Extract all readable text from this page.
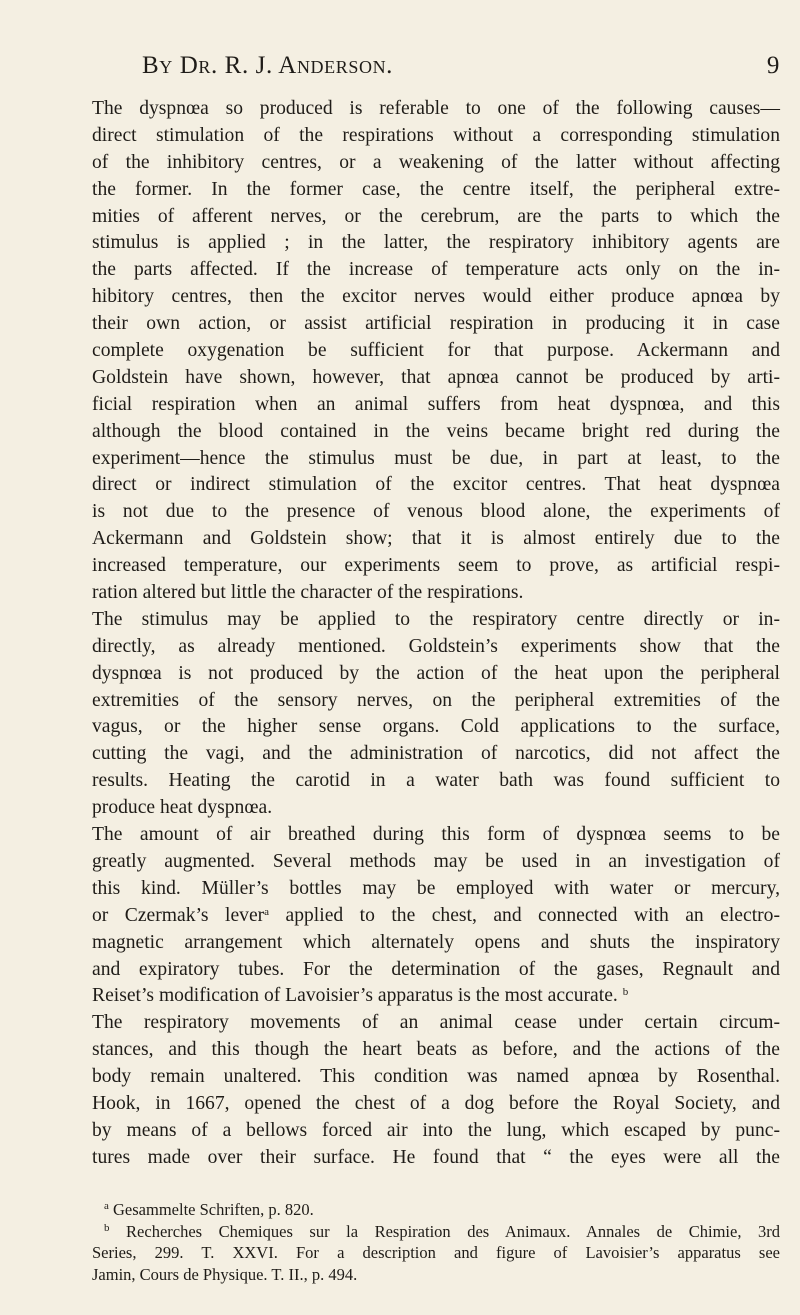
By Dr. R. J. Anderson.	9
The dyspnœa so produced is referable to one of the following causes—
direct stimulation of the respirations without a corresponding stimulation
of the inhibitory centres, or a weakening of the latter without affecting
the former. In the former case, the centre itself, the peripheral extre-
mities of afferent nerves, or the cerebrum, are the parts to which the
stimulus is applied ; in the latter, the respiratory inhibitory agents are
the parts affected. If the increase of temperature acts only on the in-
hibitory centres, then the excitor nerves would either produce apnœa by
their own action, or assist artificial respiration in producing it in case
complete oxygenation be sufficient for that purpose. Ackermann and
Goldstein have shown, however, that apnœa cannot be produced by arti-
ficial respiration when an animal suffers from heat dyspnœa, and this
although the blood contained in the veins became bright red during the
experiment—hence the stimulus must be due, in part at least, to the
direct or indirect stimulation of the excitor centres. That heat dyspnœa
is not due to the presence of venous blood alone, the experiments of
Ackermann and Goldstein show; that it is almost entirely due to the
increased temperature, our experiments seem to prove, as artificial respi-
ration altered but little the character of the respirations.
The stimulus may be applied to the respiratory centre directly or in-
directly, as already mentioned. Goldstein’s experiments show that the
dyspnœa is not produced by the action of the heat upon the peripheral
extremities of the sensory nerves, on the peripheral extremities of the
vagus, or the higher sense organs. Cold applications to the surface,
cutting the vagi, and the administration of narcotics, did not affect the
results. Heating the carotid in a water bath was found sufficient to
produce heat dyspnœa.
The amount of air breathed during this form of dyspnœa seems to be
greatly augmented. Several methods may be used in an investigation of
this kind. Müller’s bottles may be employed with water or mercury,
or Czermak’s lever$^a$ applied to the chest, and connected with an electro-
magnetic arrangement which alternately opens and shuts the inspiratory
and expiratory tubes. For the determination of the gases, Regnault and
Reiset’s modification of Lavoisier’s apparatus is the most accurate. $^b$
The respiratory movements of an animal cease under certain circum-
stances, and this though the heart beats as before, and the actions of the
body remain unaltered. This condition was named apnœa by Rosenthal.
Hook, in 1667, opened the chest of a dog before the Royal Society, and
by means of a bellows forced air into the lung, which escaped by punc-
tures made over their surface. He found that “ the eyes were all the
$^a$ Gesammelte Schriften, p. 820.
$^b$ Recherches Chemiques sur la Respiration des Animaux. Annales de Chimie, 3rd
Series, 299. T. XXVI. For a description and figure of Lavoisier’s apparatus see
Jamin, Cours de Physique. T. II., p. 494.
